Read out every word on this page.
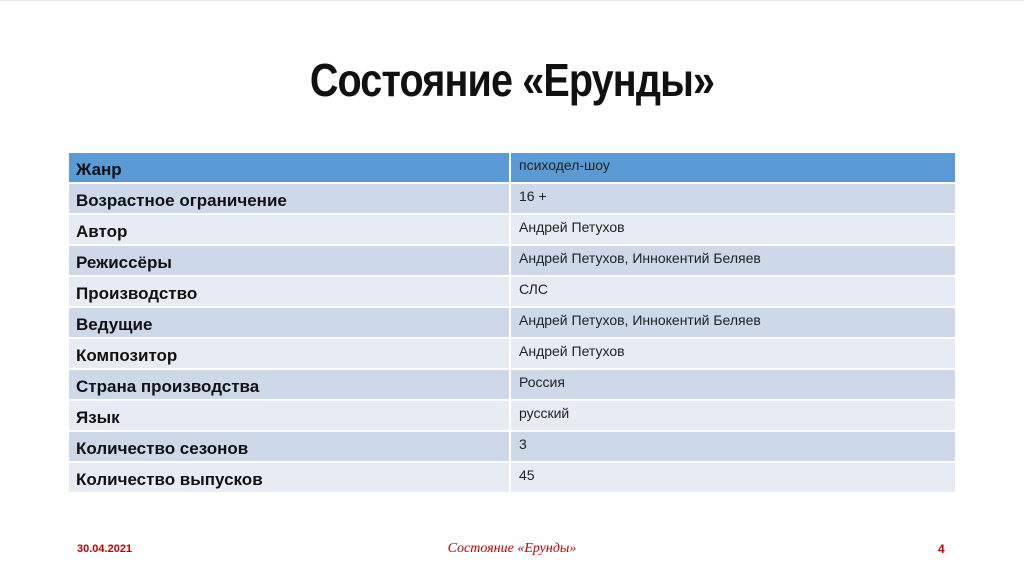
Состояние «Ерунды»
Жанр	психодел-шоу
Возрастное ограничение	16 +
Автор	Андрей Петухов
Режиссёры	Андрей Петухов, Иннокентий Беляев
Производство	СЛС
Ведущие	Андрей Петухов, Иннокентий Беляев
Композитор	Андрей Петухов
Страна производства	Россия
Язык	русский
Количество сезонов	3
Количество выпусков	45
30.04.2021	Состояние «Ерунды»	4
